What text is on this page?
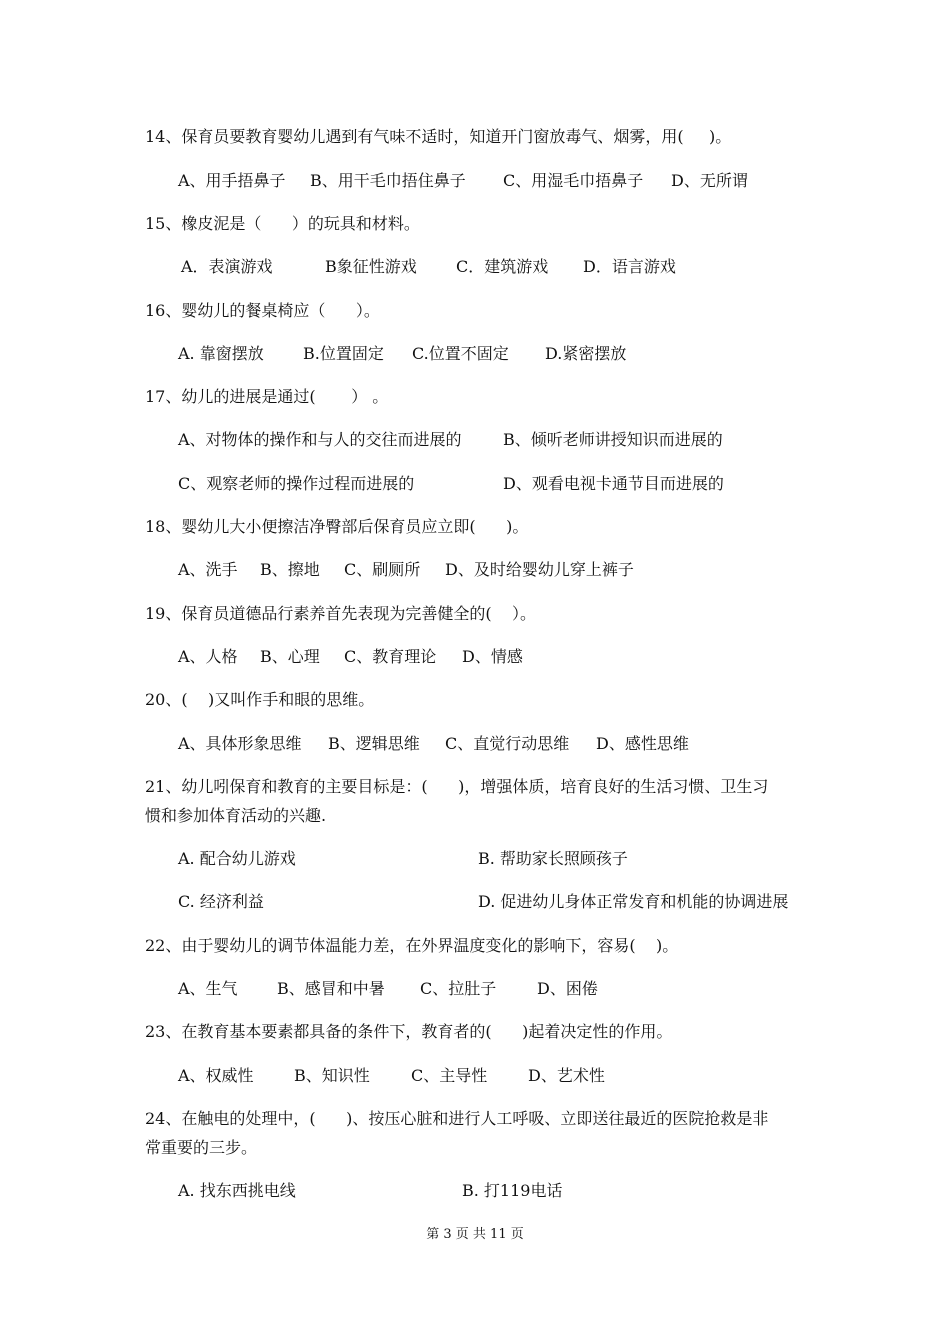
14、保育员要教育婴幼儿遇到有气味不适时，知道开门窗放毒气、烟雾，用(     )。
A、用手捂鼻子 B、用干毛巾捂住鼻子 C、用湿毛巾捂鼻子 D、无所谓
15、橡皮泥是（      ）的玩具和材料。
A．表演游戏	B象征性游戏 C．建筑游戏 D．语言游戏
16、婴幼儿的餐桌椅应（      ）。
A. 靠窗摆放 B.位置固定 C.位置不固定 D.紧密摆放
17、幼儿的进展是通过(       ） 。
A、对物体的操作和与人的交往而进展的	B、倾听老师讲授知识而进展的
C、观察老师的操作过程而进展的	D、观看电视卡通节目而进展的
18、婴幼儿大小便擦洁净臀部后保育员应立即(      )。
A、洗手 B、擦地 C、刷厕所 D、及时给婴幼儿穿上裤子
19、保育员道德品行素养首先表现为完善健全的(    ）。
A、人格 B、心理 C、教育理论 D、情感
20、(    )又叫作手和眼的思维。
A、具体形象思维 B、逻辑思维 C、直觉行动思维 D、感性思维
21、幼儿吲保育和教育的主要目标是：(      )，增强体质，培育良好的生活习惯、卫生习
惯和参加体育活动的兴趣.
A. 配合幼儿游戏	B. 帮助家长照顾孩子
C. 经济利益	D. 促进幼儿身体正常发育和机能的协调进展
22、由于婴幼儿的调节体温能力差，在外界温度变化的影响下，容易(    )。
A、生气 B、感冒和中暑 C、拉肚子	D、困倦
23、在教育基本要素都具备的条件下，教育者的(      )起着决定性的作用。
A、权威性	B、知识性	C、主导性	D、艺术性
24、在触电的处理中，(      )、按压心脏和进行人工呼吸、立即送往最近的医院抢救是非
常重要的三步。
A. 找东西挑电线	B. 打119电话
第 3 页 共 11 页
